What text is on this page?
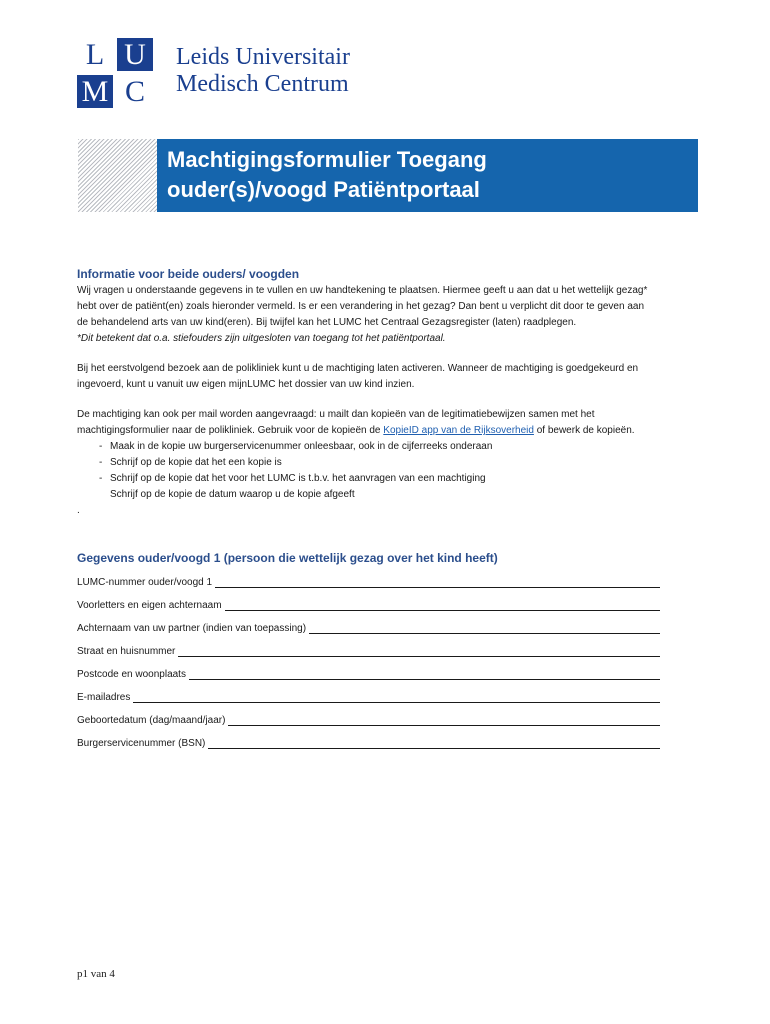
L U
M C
Leids Universitair
Medisch Centrum
Machtigingsformulier Toegang
ouder(s)/voogd Patiëntportaal
Informatie voor beide ouders/ voogden

Wij vragen u onderstaande gegevens in te vullen en uw handtekening te plaatsen. Hiermee geeft u aan dat u het wettelijk gezag*

hebt over de patiënt(en) zoals hieronder vermeld. Is er een verandering in het gezag? Dan bent u verplicht dit door te geven aan

de behandelend arts van uw kind(eren). Bij twijfel kan het LUMC het Centraal Gezagsregister (laten) raadplegen.

*Dit betekent dat o.a. stiefouders zijn uitgesloten van toegang tot het patiëntportaal.

Bij het eerstvolgend bezoek aan de polikliniek kunt u de machtiging laten activeren. Wanneer de machtiging is goedgekeurd en

ingevoerd, kunt u vanuit uw eigen mijnLUMC het dossier van uw kind inzien.

De machtiging kan ook per mail worden aangevraagd: u mailt dan kopieën van de legitimatiebewijzen samen met het

machtigingsformulier naar de polikliniek. Gebruik voor de kopieën de KopieID app van de Rijksoverheid of bewerk de kopieën.

- Maak in de kopie uw burgerservicenummer onleesbaar, ook in de cijferreeks onderaan
- Schrijf op de kopie dat het een kopie is
- Schrijf op de kopie dat het voor het LUMC is t.b.v. het aanvragen van een machtiging

Schrijf op de kopie de datum waarop u de kopie afgeeft

.

Gegevens ouder/voogd 1 (persoon die wettelijk gezag over het kind heeft)
LUMC-nummer ouder/voogd 1
Voorletters en eigen achternaam
Achternaam van uw partner (indien van toepassing)
Straat en huisnummer
Postcode en woonplaats
E-mailadres
Geboortedatum (dag/maand/jaar)
Burgerservicenummer (BSN)
p1 van 4
